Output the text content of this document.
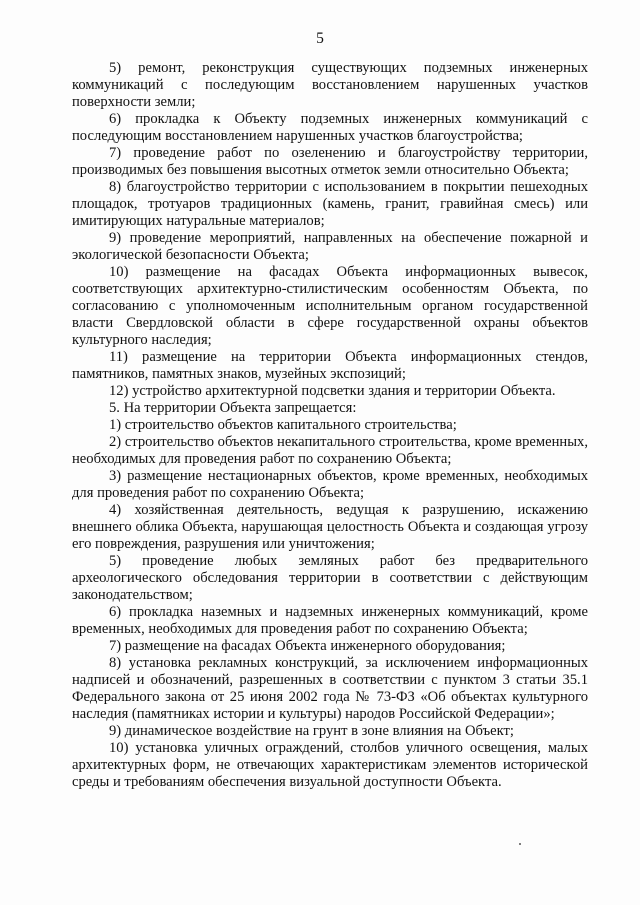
5

5) ремонт, реконструкция существующих подземных инженерных коммуникаций с последующим восстановлением нарушенных участков поверхности земли;

6) прокладка к Объекту подземных инженерных коммуникаций с последующим восстановлением нарушенных участков благоустройства;

7) проведение работ по озеленению и благоустройству территории, производимых без повышения высотных отметок земли относительно Объекта;

8) благоустройство территории с использованием в покрытии пешеходных площадок, тротуаров традиционных (камень, гранит, гравийная смесь) или имитирующих натуральные материалов;

9) проведение мероприятий, направленных на обеспечение пожарной и экологической безопасности Объекта;

10) размещение на фасадах Объекта информационных вывесок, соответствующих архитектурно-стилистическим особенностям Объекта, по согласованию с уполномоченным исполнительным органом государственной власти Свердловской области в сфере государственной охраны объектов культурного наследия;

11) размещение на территории Объекта информационных стендов, памятников, памятных знаков, музейных экспозиций;

12) устройство архитектурной подсветки здания и территории Объекта.

5. На территории Объекта запрещается:

1) строительство объектов капитального строительства;

2) строительство объектов некапитального строительства, кроме временных, необходимых для проведения работ по сохранению Объекта;

3) размещение нестационарных объектов, кроме временных, необходимых для проведения работ по сохранению Объекта;

4) хозяйственная деятельность, ведущая к разрушению, искажению внешнего облика Объекта, нарушающая целостность Объекта и создающая угрозу его повреждения, разрушения или уничтожения;

5) проведение любых земляных работ без предварительного археологического обследования территории в соответствии с действующим законодательством;

6) прокладка наземных и надземных инженерных коммуникаций, кроме временных, необходимых для проведения работ по сохранению Объекта;

7) размещение на фасадах Объекта инженерного оборудования;

8) установка рекламных конструкций, за исключением информационных надписей и обозначений, разрешенных в соответствии с пунктом 3 статьи 35.1 Федерального закона от 25 июня 2002 года № 73-ФЗ «Об объектах культурного наследия (памятниках истории и культуры) народов Российской Федерации»;

9) динамическое воздействие на грунт в зоне влияния на Объект;

10) установка уличных ограждений, столбов уличного освещения, малых архитектурных форм, не отвечающих характеристикам элементов исторической среды и требованиям обеспечения визуальной доступности Объекта.
